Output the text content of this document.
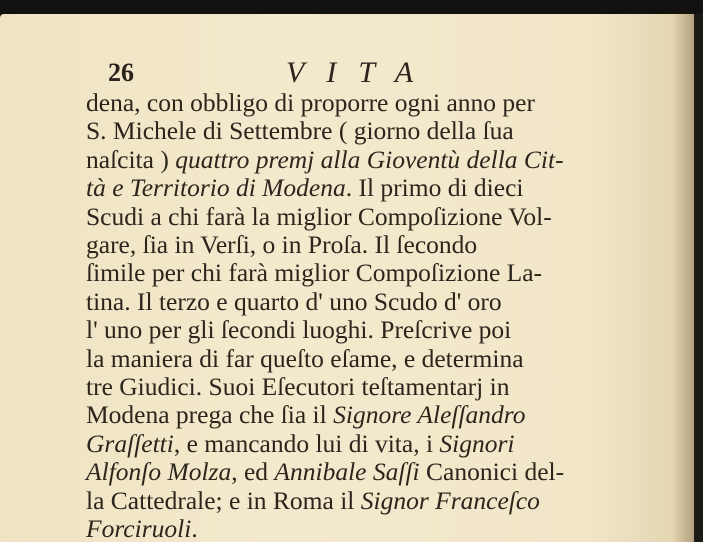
26	VITA
dena, con obbligo di proporre ogni anno per
S. Michele di Settembre ( giorno della ſua
naſcita ) quattro premj alla Gioventù della Cit-
tà e Territorio di Modena. Il primo di dieci
Scudi a chi farà la miglior Compoſizione Vol-
gare, ſia in Verſi, o in Proſa. Il ſecondo
ſimile per chi farà miglior Compoſizione La-
tina. Il terzo e quarto d' uno Scudo d' oro
l' uno per gli ſecondi luoghi. Preſcrive poi
la maniera di far queſto eſame, e determina
tre Giudici. Suoi Eſecutori teſtamentarj in
Modena prega che ſia il Signore Aleſſandro
Graſſetti, e mancando lui di vita, i Signori
Alfonſo Molza, ed Annibale Saſſi Canonici del-
la Cattedrale; e in Roma il Signor Franceſco
Forciruoli.
